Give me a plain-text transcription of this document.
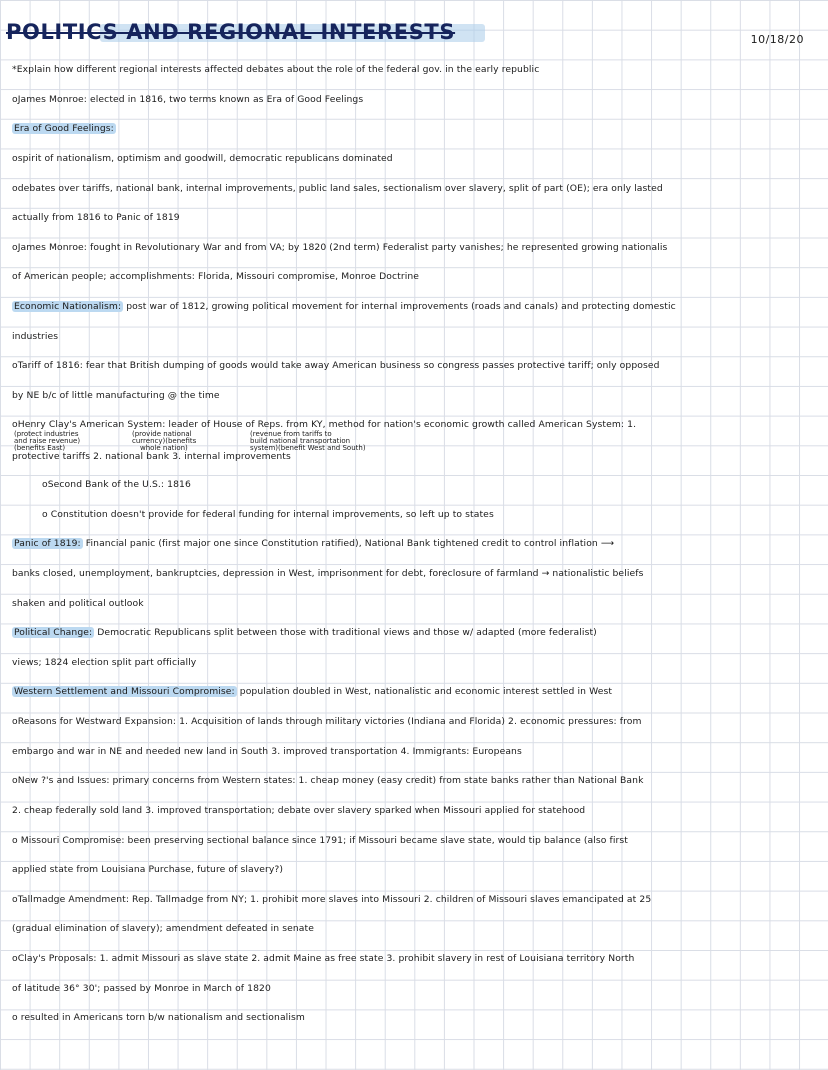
POLITICS AND REGIONAL INTERESTS	10/18/20
*Explain how different regional interests affected debates about the role of the federal gov. in the early republic
oJames Monroe: elected in 1816, two terms known as Era of Good Feelings
Era of Good Feelings:
ospirit of nationalism, optimism and goodwill, democratic republicans dominated
odebates over tariffs, national bank, internal improvements, public land sales, sectionalism over slavery, split of part (OE); era only lasted
actually from 1816 to Panic of 1819
oJames Monroe: fought in Revolutionary War and from VA; by 1820 (2nd term) Federalist party vanishes; he represented growing nationalis
of American people; accomplishments: Florida, Missouri compromise, Monroe Doctrine
Economic Nationalism: post war of 1812, growing political movement for internal improvements (roads and canals) and protecting domestic
industries
oTariff of 1816: fear that British dumping of goods would take away American business so congress passes protective tariff; only opposed
by NE b/c of little manufacturing @ the time
oHenry Clay's American System: leader of House of Reps. from KY, method for nation's economic growth called American System: 1.
(protect industries
and raise revenue)
(benefits East)
(provide national
currency)(benefits
whole nation)
(revenue from tariffs to
build national transportation
system)(benefit West and South)
protective tariffs 2. national bank 3. internal improvements
oSecond Bank of the U.S.: 1816
o Constitution doesn't provide for federal funding for internal improvements, so left up to states
Panic of 1819: Financial panic (first major one since Constitution ratified), National Bank tightened credit to control inflation ⟶
banks closed, unemployment, bankruptcies, depression in West, imprisonment for debt, foreclosure of farmland → nationalistic beliefs
shaken and political outlook
Political Change: Democratic Republicans split between those with traditional views and those w/ adapted (more federalist)
views; 1824 election split part officially
Western Settlement and Missouri Compromise: population doubled in West, nationalistic and economic interest settled in West
oReasons for Westward Expansion: 1. Acquisition of lands through military victories (Indiana and Florida) 2. economic pressures: from
embargo and war in NE and needed new land in South 3. improved transportation 4. Immigrants: Europeans
oNew ?'s and Issues: primary concerns from Western states: 1. cheap money (easy credit) from state banks rather than National Bank
2. cheap federally sold land 3. improved transportation; debate over slavery sparked when Missouri applied for statehood
o Missouri Compromise: been preserving sectional balance since 1791; if Missouri became slave state, would tip balance (also first
applied state from Louisiana Purchase, future of slavery?)
oTallmadge Amendment: Rep. Tallmadge from NY; 1. prohibit more slaves into Missouri 2. children of Missouri slaves emancipated at 25
(gradual elimination of slavery); amendment defeated in senate
oClay's Proposals: 1. admit Missouri as slave state 2. admit Maine as free state 3. prohibit slavery in rest of Louisiana territory North
of latitude 36° 30'; passed by Monroe in March of 1820
o resulted in Americans torn b/w nationalism and sectionalism
